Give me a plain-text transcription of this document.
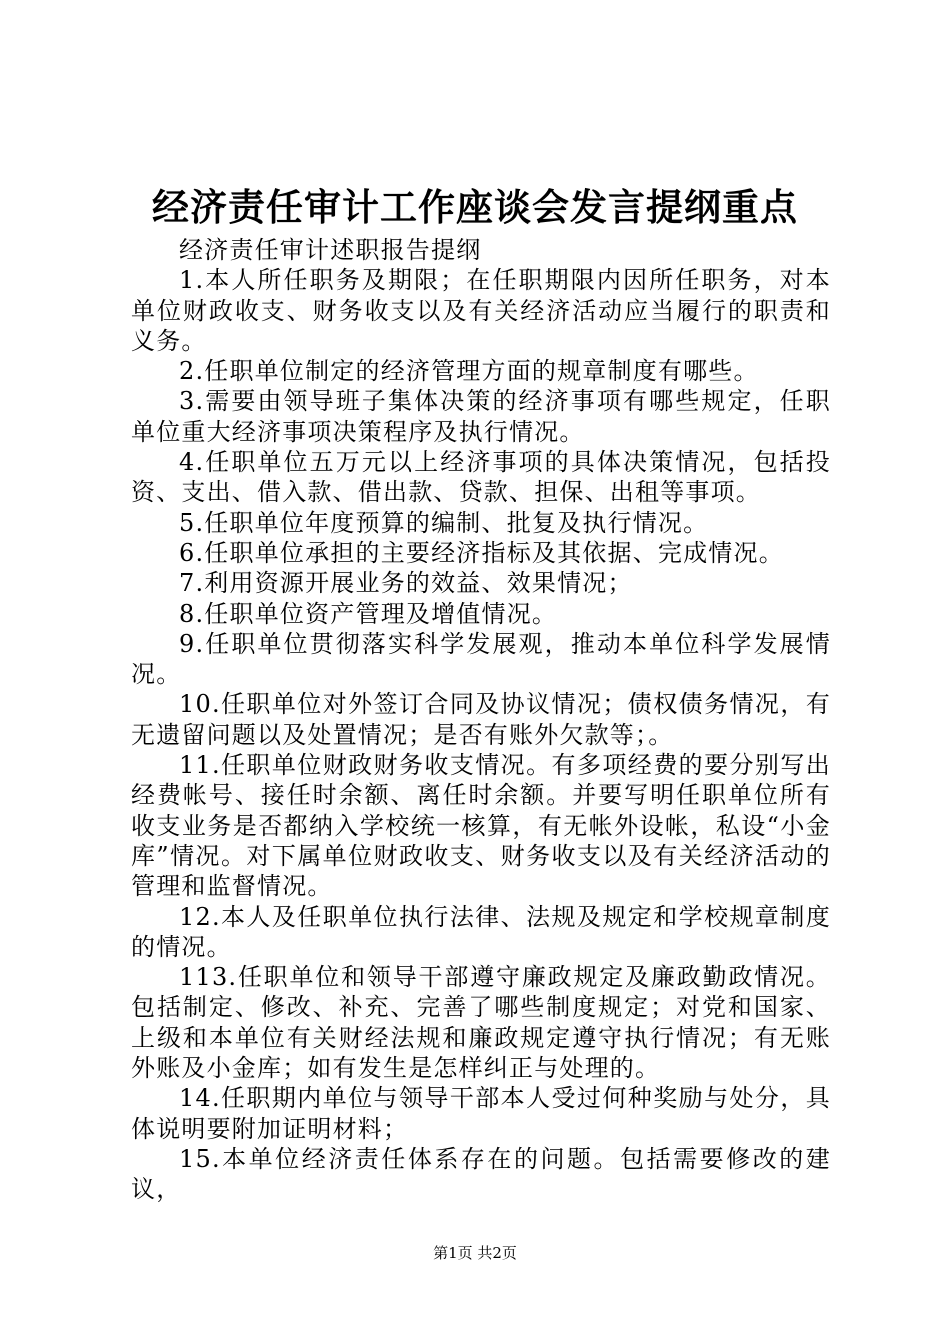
经济责任审计工作座谈会发言提纲重点

经济责任审计述职报告提纲

1.本人所任职务及期限；在任职期限内因所任职务，对本单位财政收支、财务收支以及有关经济活动应当履行的职责和义务。

2.任职单位制定的经济管理方面的规章制度有哪些。

3.需要由领导班子集体决策的经济事项有哪些规定，任职单位重大经济事项决策程序及执行情况。

4.任职单位五万元以上经济事项的具体决策情况，包括投资、支出、借入款、借出款、贷款、担保、出租等事项。

5.任职单位年度预算的编制、批复及执行情况。

6.任职单位承担的主要经济指标及其依据、完成情况。

7.利用资源开展业务的效益、效果情况；

8.任职单位资产管理及增值情况。

9.任职单位贯彻落实科学发展观，推动本单位科学发展情况。

10.任职单位对外签订合同及协议情况；债权债务情况，有无遗留问题以及处置情况；是否有账外欠款等；。

11.任职单位财政财务收支情况。有多项经费的要分别写出经费帐号、接任时余额、离任时余额。并要写明任职单位所有收支业务是否都纳入学校统一核算，有无帐外设帐，私设“小金库”情况。对下属单位财政收支、财务收支以及有关经济活动的管理和监督情况。

12.本人及任职单位执行法律、法规及规定和学校规章制度的情况。

113.任职单位和领导干部遵守廉政规定及廉政勤政情况。包括制定、修改、补充、完善了哪些制度规定；对党和国家、上级和本单位有关财经法规和廉政规定遵守执行情况；有无账外账及小金库；如有发生是怎样纠正与处理的。

14.任职期内单位与领导干部本人受过何种奖励与处分，具体说明要附加证明材料；

15.本单位经济责任体系存在的问题。包括需要修改的建议，

第1页 共2页
